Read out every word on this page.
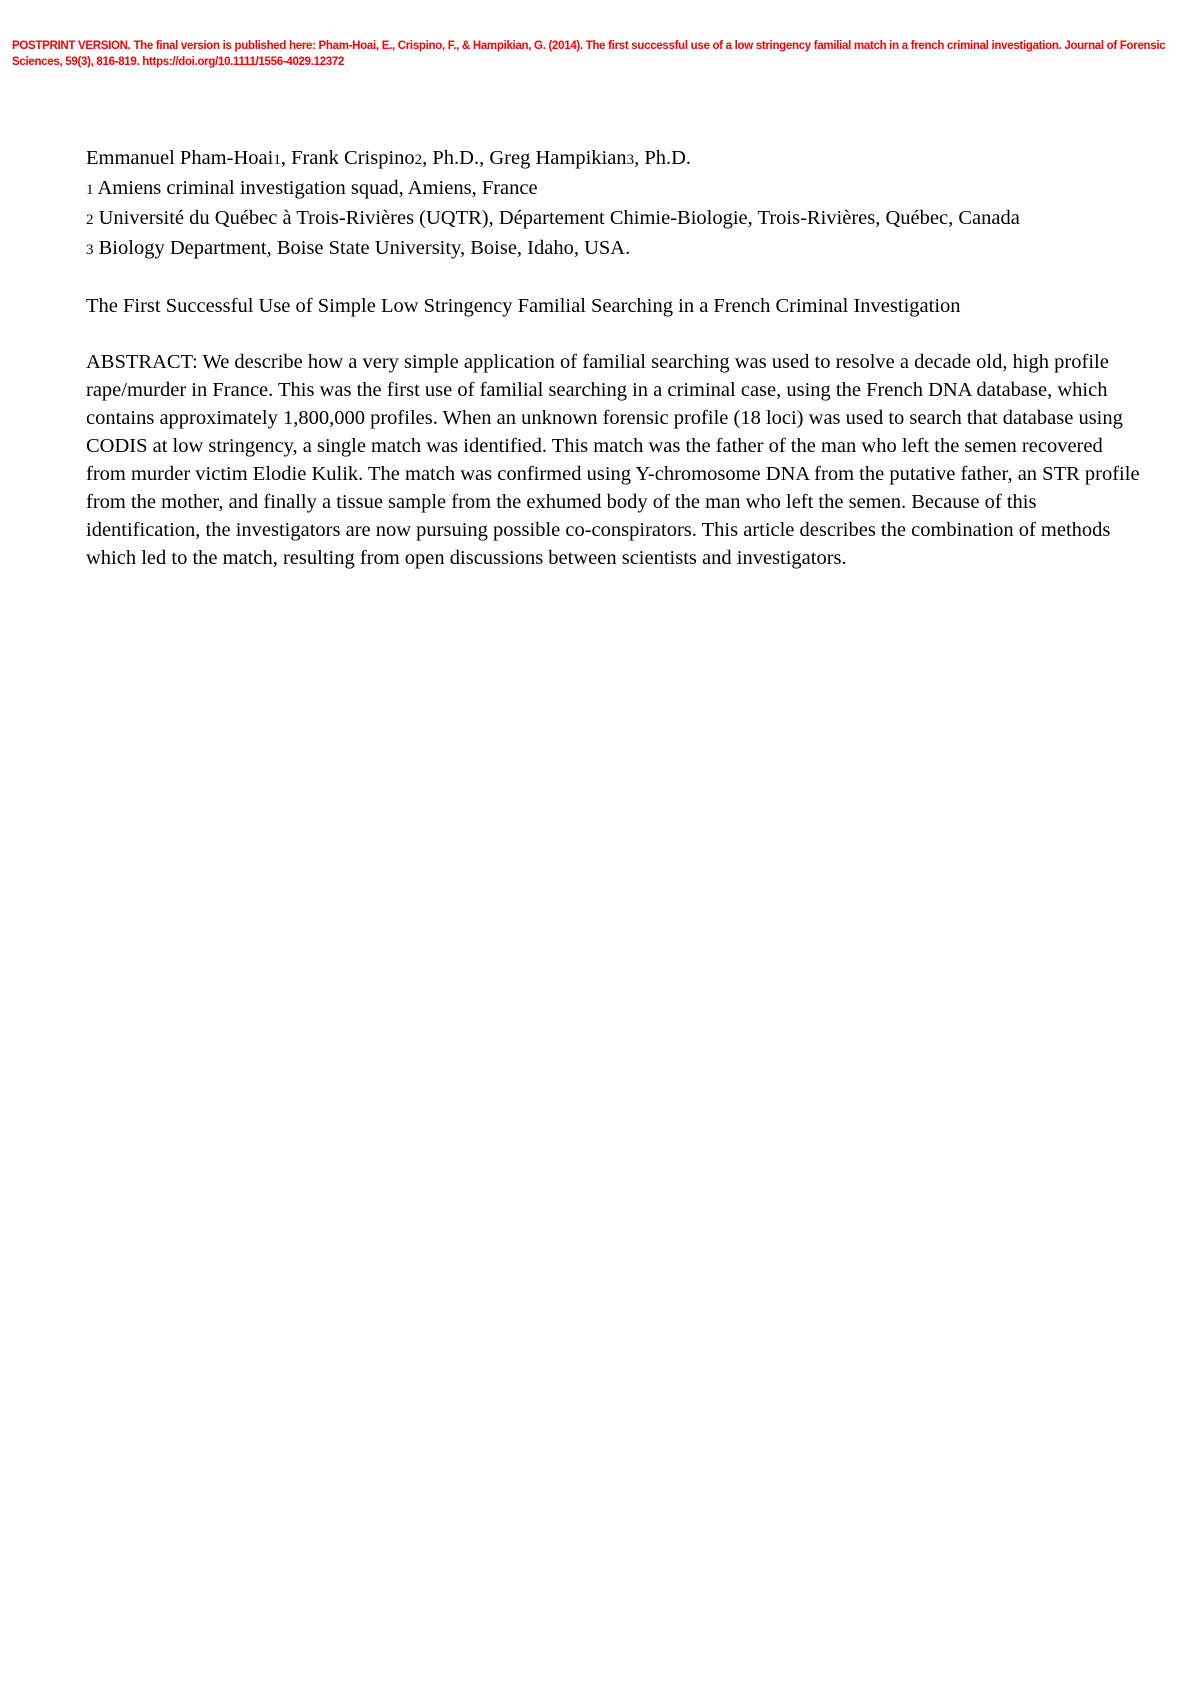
POSTPRINT VERSION. The final version is published here: Pham-Hoai, E., Crispino, F., & Hampikian, G. (2014). The first successful use of a low stringency familial match in a french criminal investigation. Journal of Forensic Sciences, 59(3), 816-819. https://doi.org/10.1111/1556-4029.12372

Emmanuel Pham-Hoai1, Frank Crispino2, Ph.D., Greg Hampikian3, Ph.D.

1 Amiens criminal investigation squad, Amiens, France

2 Université du Québec à Trois-Rivières (UQTR), Département Chimie-Biologie, Trois-Rivières, Québec, Canada

3 Biology Department, Boise State University, Boise, Idaho, USA.

The First Successful Use of Simple Low Stringency Familial Searching in a French Criminal Investigation

ABSTRACT: We describe how a very simple application of familial searching was used to resolve a decade old, high profile rape/murder in France. This was the first use of familial searching in a criminal case, using the French DNA database, which contains approximately 1,800,000 profiles. When an unknown forensic profile (18 loci) was used to search that database using CODIS at low stringency, a single match was identified. This match was the father of the man who left the semen recovered from murder victim Elodie Kulik. The match was confirmed using Y-chromosome DNA from the putative father, an STR profile from the mother, and finally a tissue sample from the exhumed body of the man who left the semen. Because of this identification, the investigators are now pursuing possible co-conspirators. This article describes the combination of methods which led to the match, resulting from open discussions between scientists and investigators.
